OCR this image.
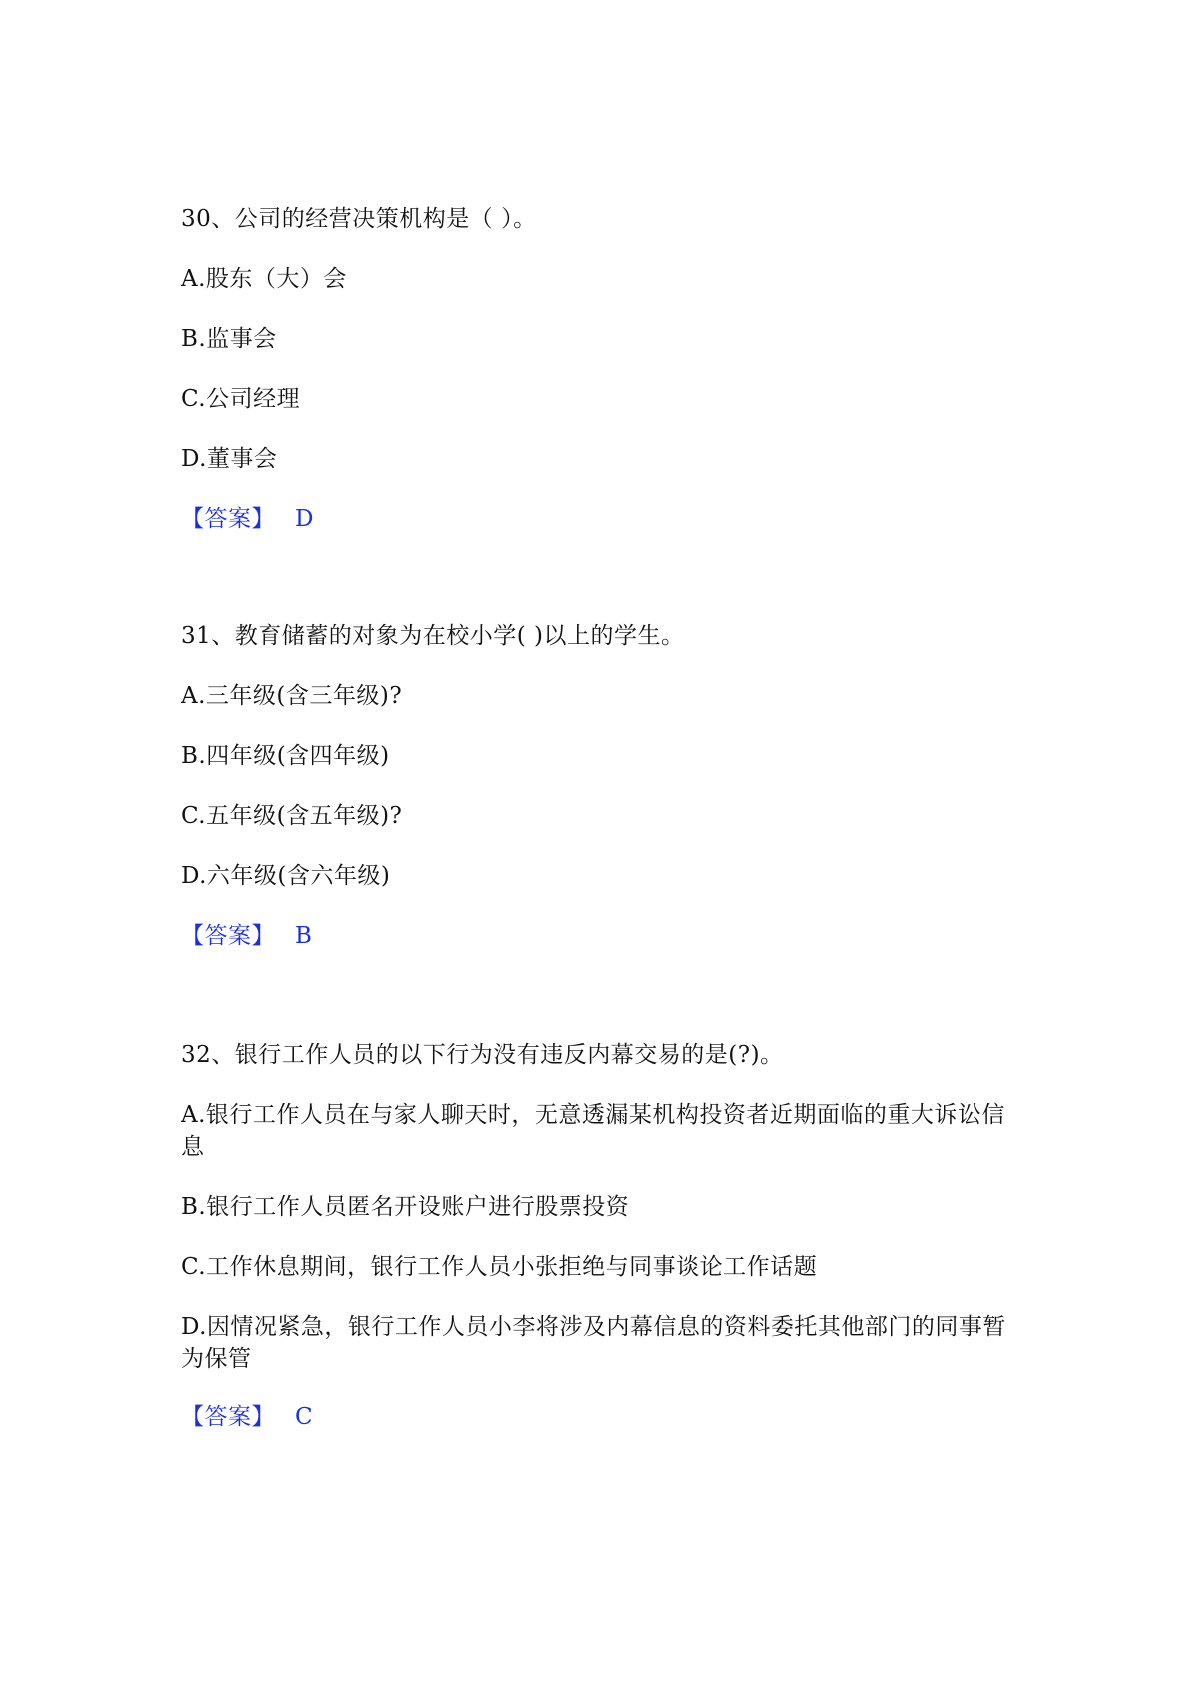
30、公司的经营决策机构是（ ）。
A.股东（大）会
B.监事会
C.公司经理
D.董事会
【答案】 D
31、教育储蓄的对象为在校小学( )以上的学生。
A.三年级(含三年级)?
B.四年级(含四年级)
C.五年级(含五年级)?
D.六年级(含六年级)
【答案】 B
32、银行工作人员的以下行为没有违反内幕交易的是(?)。
A.银行工作人员在与家人聊天时，无意透漏某机构投资者近期面临的重大诉讼信息
B.银行工作人员匿名开设账户进行股票投资
C.工作休息期间，银行工作人员小张拒绝与同事谈论工作话题
D.因情况紧急，银行工作人员小李将涉及内幕信息的资料委托其他部门的同事暂为保管
【答案】 C
